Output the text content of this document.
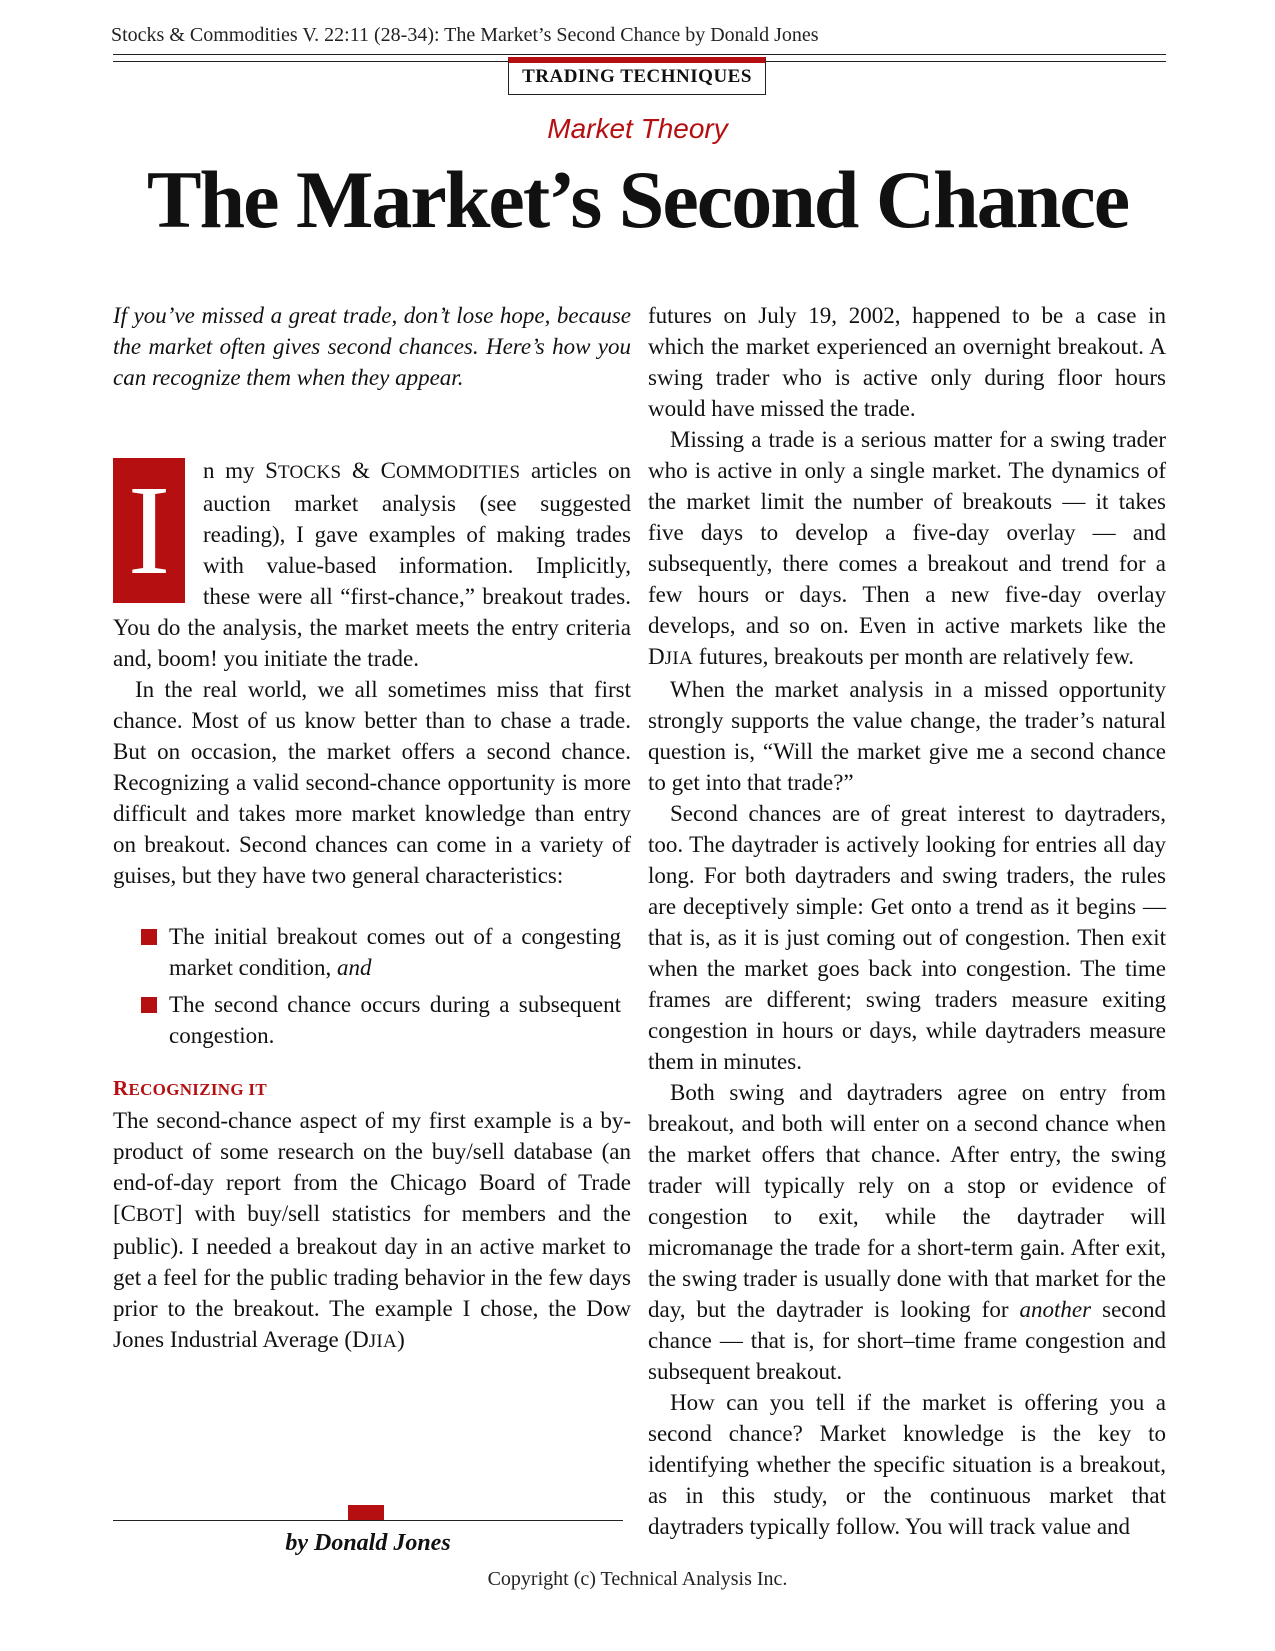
Stocks & Commodities V. 22:11 (28-34): The Market’s Second Chance by Donald Jones
TRADING TECHNIQUES
Market Theory
The Market’s Second Chance

If you’ve missed a great trade, don’t lose hope, because the market often gives second chances. Here’s how you can recognize them when they appear.

I	n my STOCKS & COMMODITIES articles on auction market analysis (see suggested reading), I gave examples of making trades with value-based information. Implicitly, these were all “first-chance,” breakout trades. You do the analysis, the market meets the entry criteria and, boom! you initiate the trade.

In the real world, we all sometimes miss that first chance. Most of us know better than to chase a trade. But on occasion, the market offers a second chance. Recognizing a valid second-chance opportunity is more difficult and takes more market knowledge than entry on breakout. Second chances can come in a variety of guises, but they have two general characteristics:

The initial breakout comes out of a congesting market condition, and
The second chance occurs during a subsequent congestion.
RECOGNIZING IT

The second-chance aspect of my first example is a by-product of some research on the buy/sell database (an end-of-day report from the Chicago Board of Trade [CBOT] with buy/sell statistics for members and the public). I needed a breakout day in an active market to get a feel for the public trading behavior in the few days prior to the breakout. The example I chose, the Dow Jones Industrial Average (DJIA)

futures on July 19, 2002, happened to be a case in which the market experienced an overnight breakout. A swing trader who is active only during floor hours would have missed the trade.

Missing a trade is a serious matter for a swing trader who is active in only a single market. The dynamics of the market limit the number of breakouts — it takes five days to develop a five-day overlay — and subsequently, there comes a breakout and trend for a few hours or days. Then a new five-day overlay develops, and so on. Even in active markets like the DJIA futures, breakouts per month are relatively few.

When the market analysis in a missed opportunity strongly supports the value change, the trader’s natural question is, “Will the market give me a second chance to get into that trade?”

Second chances are of great interest to daytraders, too. The daytrader is actively looking for entries all day long. For both daytraders and swing traders, the rules are deceptively simple: Get onto a trend as it begins — that is, as it is just coming out of congestion. Then exit when the market goes back into congestion. The time frames are different; swing traders measure exiting congestion in hours or days, while daytraders measure them in minutes.

Both swing and daytraders agree on entry from breakout, and both will enter on a second chance when the market offers that chance. After entry, the swing trader will typically rely on a stop or evidence of congestion to exit, while the daytrader will micromanage the trade for a short-term gain. After exit, the swing trader is usually done with that market for the day, but the daytrader is looking for another second chance — that is, for short–time frame congestion and subsequent breakout.

How can you tell if the market is offering you a second chance? Market knowledge is the key to identifying whether the specific situation is a breakout, as in this study, or the continuous market that daytraders typically follow. You will track value and

by Donald Jones
Copyright (c) Technical Analysis Inc.
